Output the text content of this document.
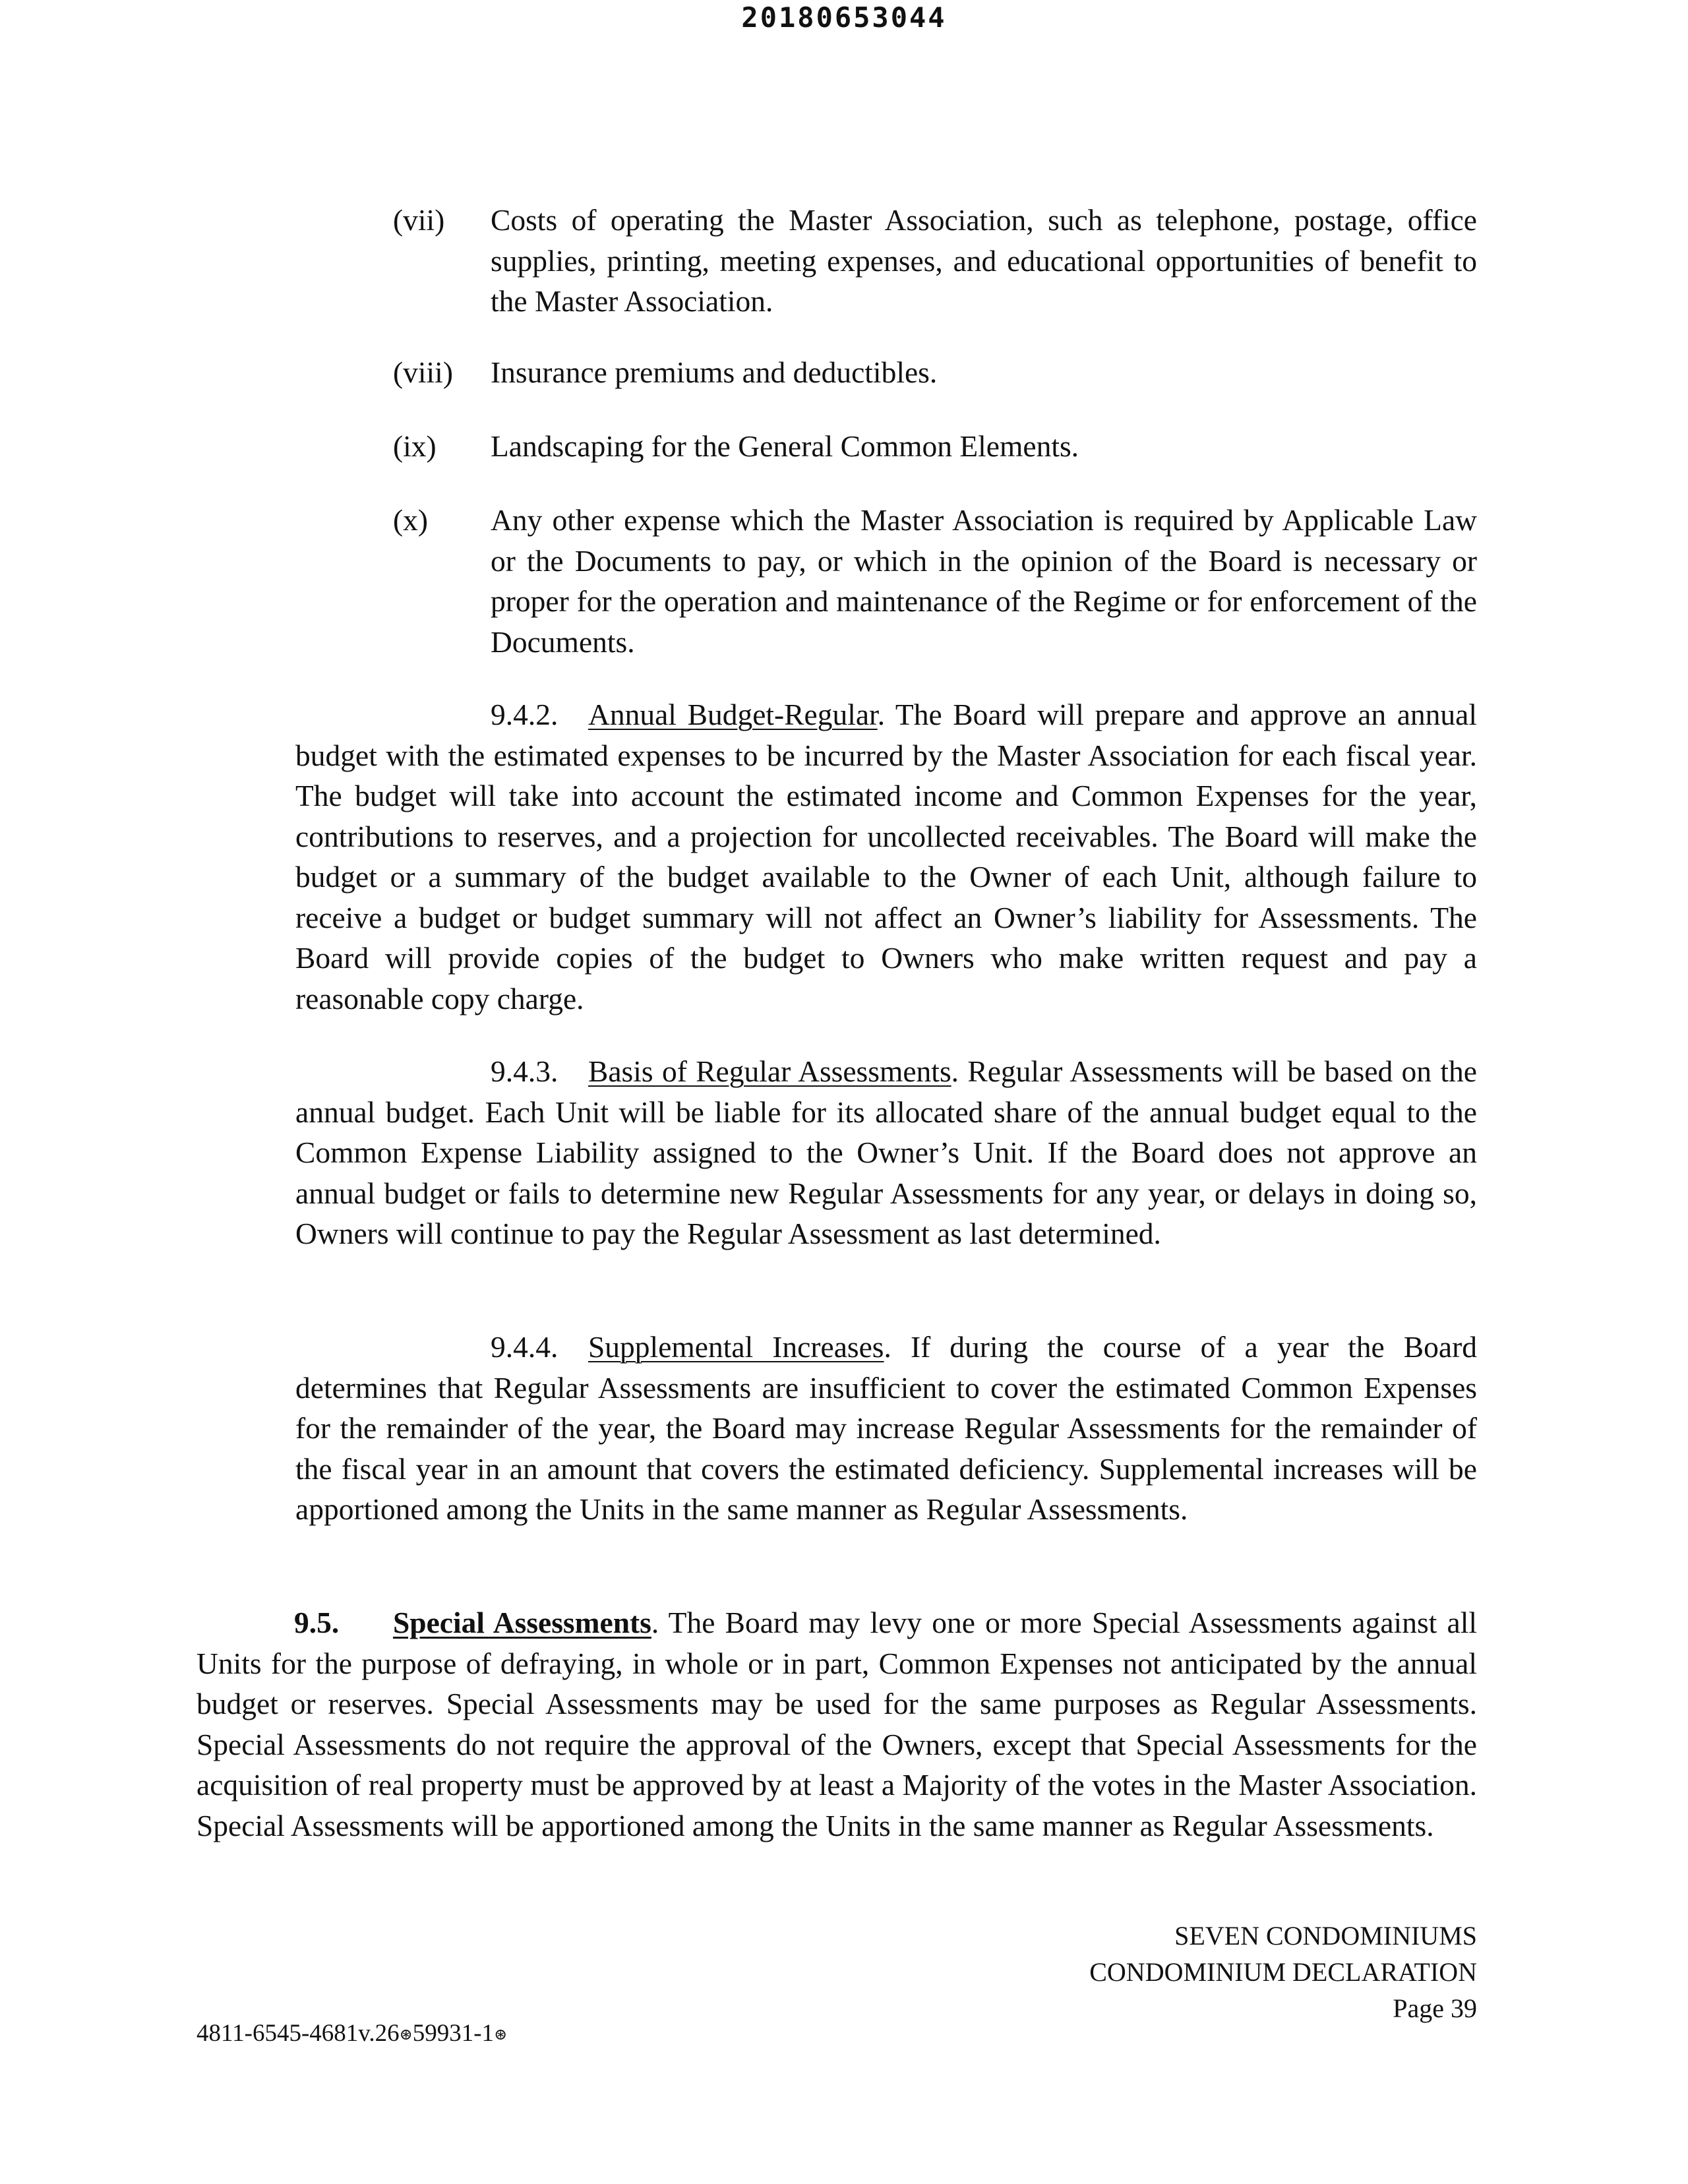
20180653044
(vii) Costs of operating the Master Association, such as telephone, postage, office supplies, printing, meeting expenses, and educational opportunities of benefit to the Master Association.
(viii) Insurance premiums and deductibles.
(ix) Landscaping for the General Common Elements.
(x) Any other expense which the Master Association is required by Applicable Law or the Documents to pay, or which in the opinion of the Board is necessary or proper for the operation and maintenance of the Regime or for enforcement of the Documents.
9.4.2. Annual Budget-Regular. The Board will prepare and approve an annual budget with the estimated expenses to be incurred by the Master Association for each fiscal year. The budget will take into account the estimated income and Common Expenses for the year, contributions to reserves, and a projection for uncollected receivables. The Board will make the budget or a summary of the budget available to the Owner of each Unit, although failure to receive a budget or budget summary will not affect an Owner’s liability for Assessments. The Board will provide copies of the budget to Owners who make written request and pay a reasonable copy charge.
9.4.3. Basis of Regular Assessments. Regular Assessments will be based on the annual budget. Each Unit will be liable for its allocated share of the annual budget equal to the Common Expense Liability assigned to the Owner’s Unit. If the Board does not approve an annual budget or fails to determine new Regular Assessments for any year, or delays in doing so, Owners will continue to pay the Regular Assessment as last determined.
9.4.4. Supplemental Increases. If during the course of a year the Board determines that Regular Assessments are insufficient to cover the estimated Common Expenses for the remainder of the year, the Board may increase Regular Assessments for the remainder of the fiscal year in an amount that covers the estimated deficiency. Supplemental increases will be apportioned among the Units in the same manner as Regular Assessments.
9.5. Special Assessments. The Board may levy one or more Special Assessments against all Units for the purpose of defraying, in whole or in part, Common Expenses not anticipated by the annual budget or reserves. Special Assessments may be used for the same purposes as Regular Assessments. Special Assessments do not require the approval of the Owners, except that Special Assessments for the acquisition of real property must be approved by at least a Majority of the votes in the Master Association. Special Assessments will be apportioned among the Units in the same manner as Regular Assessments.
SEVEN CONDOMINIUMS
CONDOMINIUM DECLARATION
Page 39
4811-6545-4681v.26⊛59931-1⊛
